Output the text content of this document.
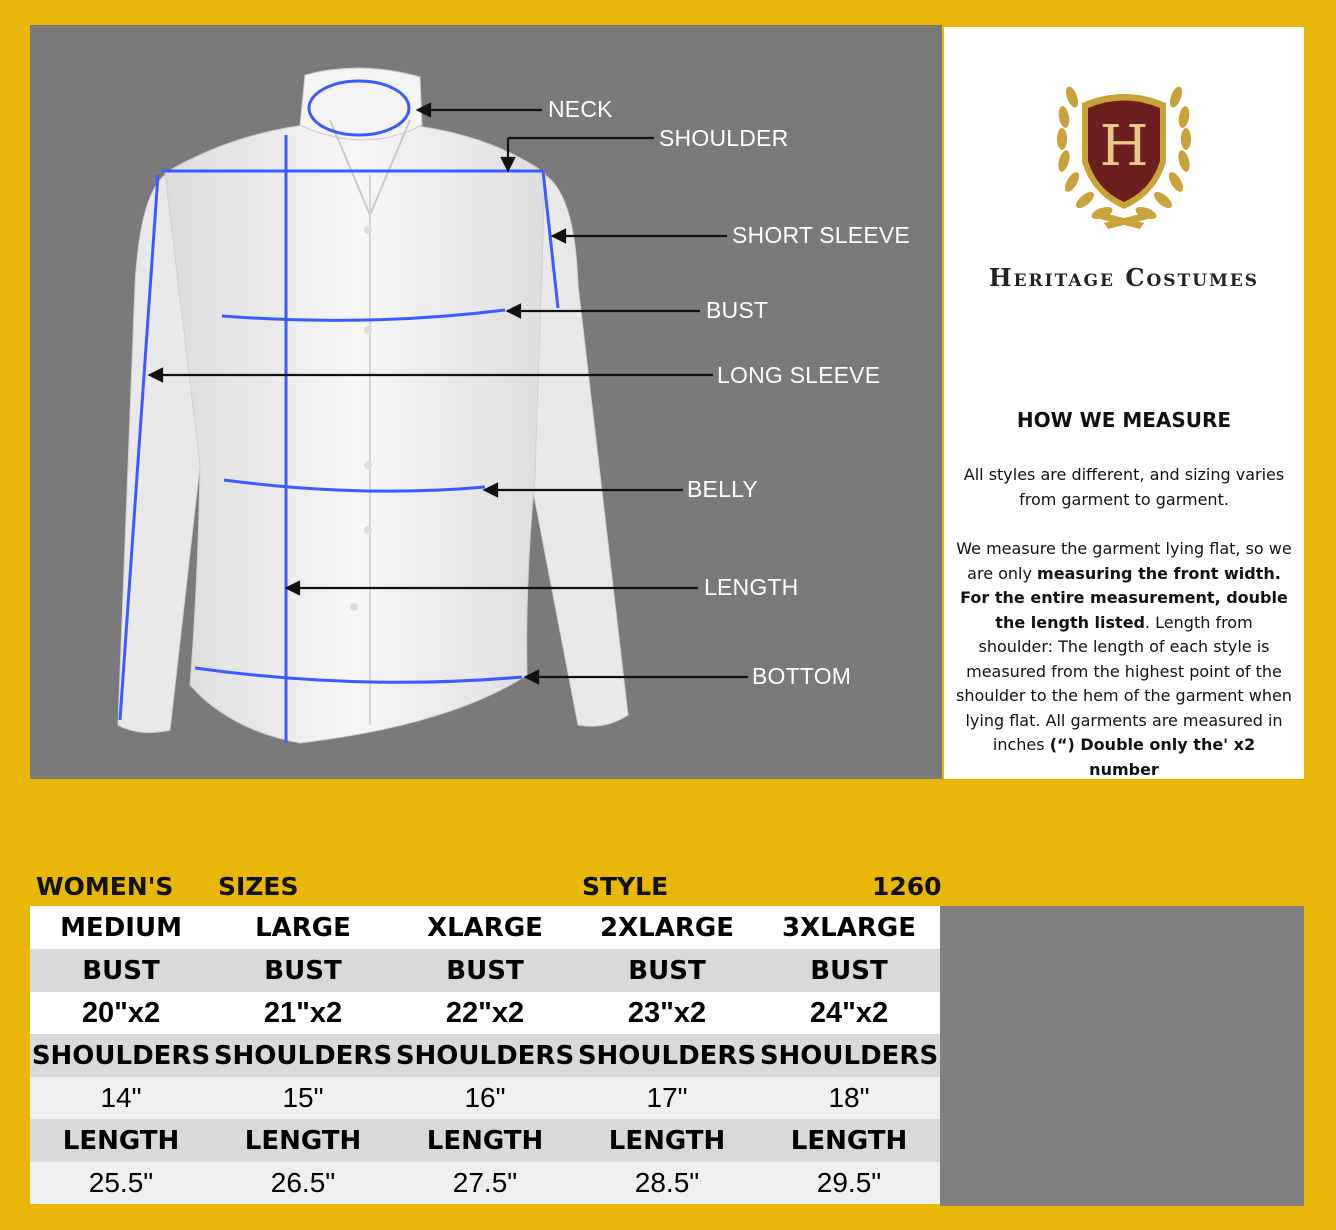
NECK
SHOULDER
SHORT SLEEVE
BUST
LONG SLEEVE
BELLY
LENGTH
BOTTOM
H
Heritage Costumes
HOW WE MEASURE

All styles are different, and sizing varies from garment to garment.

We measure the garment lying flat, so we are only measuring the front width. For the entire measurement, double the length listed. Length from shoulder: The length of each style is measured from the highest point of the shoulder to the hem of the garment when lying flat. All garments are measured in inches (“) Double only the' x2 number

WOMEN'S SIZES	STYLE	1260
MEDIUM	LARGE	XLARGE	2XLARGE	3XLARGE
BUST	BUST	BUST	BUST	BUST
20"x2	21"x2	22"x2	23"x2	24"x2
SHOULDERS	SHOULDERS	SHOULDERS	SHOULDERS	SHOULDERS
14"	15"	16"	17"	18"
LENGTH	LENGTH	LENGTH	LENGTH	LENGTH
25.5"	26.5"	27.5"	28.5"	29.5"
